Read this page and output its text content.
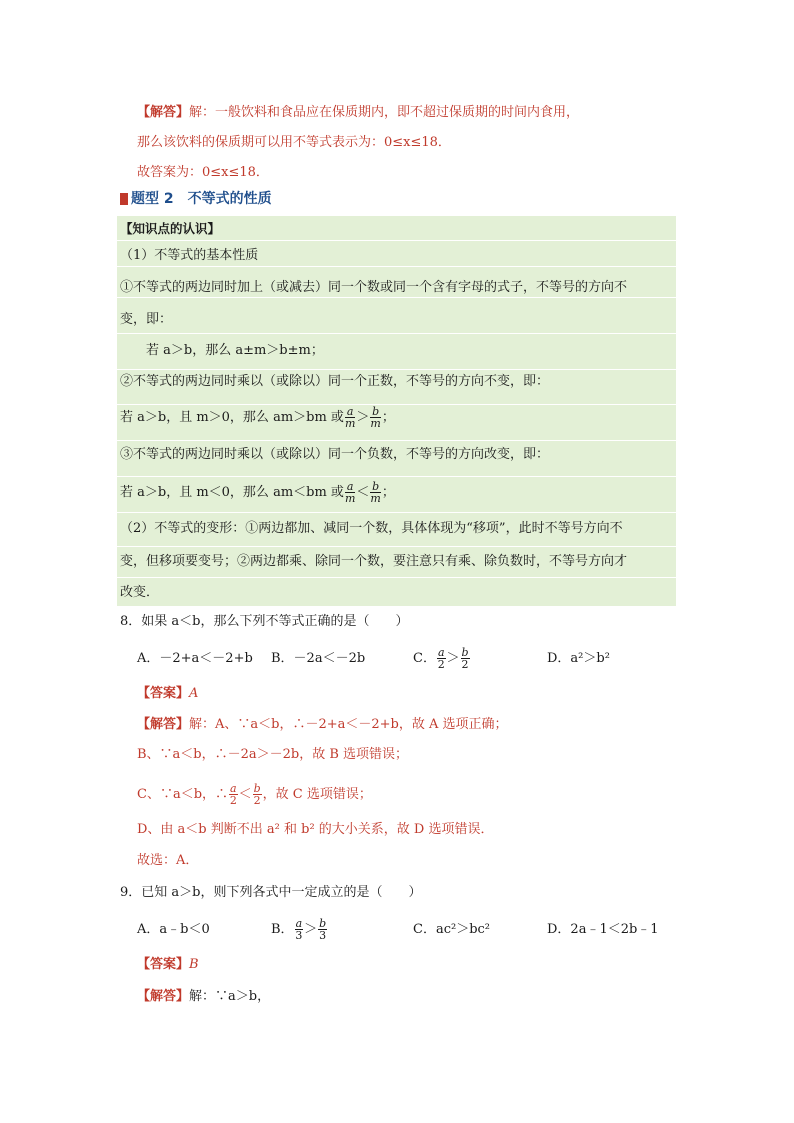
【解答】解：一般饮料和食品应在保质期内，即不超过保质期的时间内食用，
那么该饮料的保质期可以用不等式表示为：0≤x≤18．
故答案为：0≤x≤18．
题型 2　不等式的性质
【知识点的认识】
（1）不等式的基本性质
①不等式的两边同时加上（或减去）同一个数或同一个含有字母的式子，不等号的方向不
变，即：
若 a＞b，那么 a±m＞b±m；
②不等式的两边同时乘以（或除以）同一个正数，不等号的方向不变，即：
若 a＞b，且 m＞0，那么 am＞bm 或 $\frac{a}{m} > \frac{b}{m}$ ；
③不等式的两边同时乘以（或除以）同一个负数，不等号的方向改变，即：
若 a＞b，且 m＜0，那么 am＜bm 或 $\frac{a}{m} < \frac{b}{m}$ ；
（2）不等式的变形：①两边都加、减同一个数，具体体现为“移项”，此时不等号方向不
变，但移项要变号；②两边都乘、除同一个数，要注意只有乘、除负数时，不等号方向才
改变．
8．如果 a＜b，那么下列不等式正确的是（　　）
A．－2+a＜－2+b B．－2a＜－2b	C． $\frac{a}{2} > \frac{b}{2}$	D．a²＞b²
【答案】A
【解答】解：A、∵a＜b，∴－2+a＜－2+b，故 A 选项正确；
B、∵a＜b，∴－2a＞－2b，故 B 选项错误；
C、∵a＜b，∴ $\frac{a}{2} < \frac{b}{2}$ ，故 C 选项错误；
D、由 a＜b 判断不出 a² 和 b² 的大小关系，故 D 选项错误．
故选：A．
9．已知 a＞b，则下列各式中一定成立的是（　　）
A．a﹣b＜0	B． $\frac{a}{3} > \frac{b}{3}$	C．ac²＞bc²	D．2a﹣1＜2b﹣1
【答案】B
【解答】解：∵a＞b，
